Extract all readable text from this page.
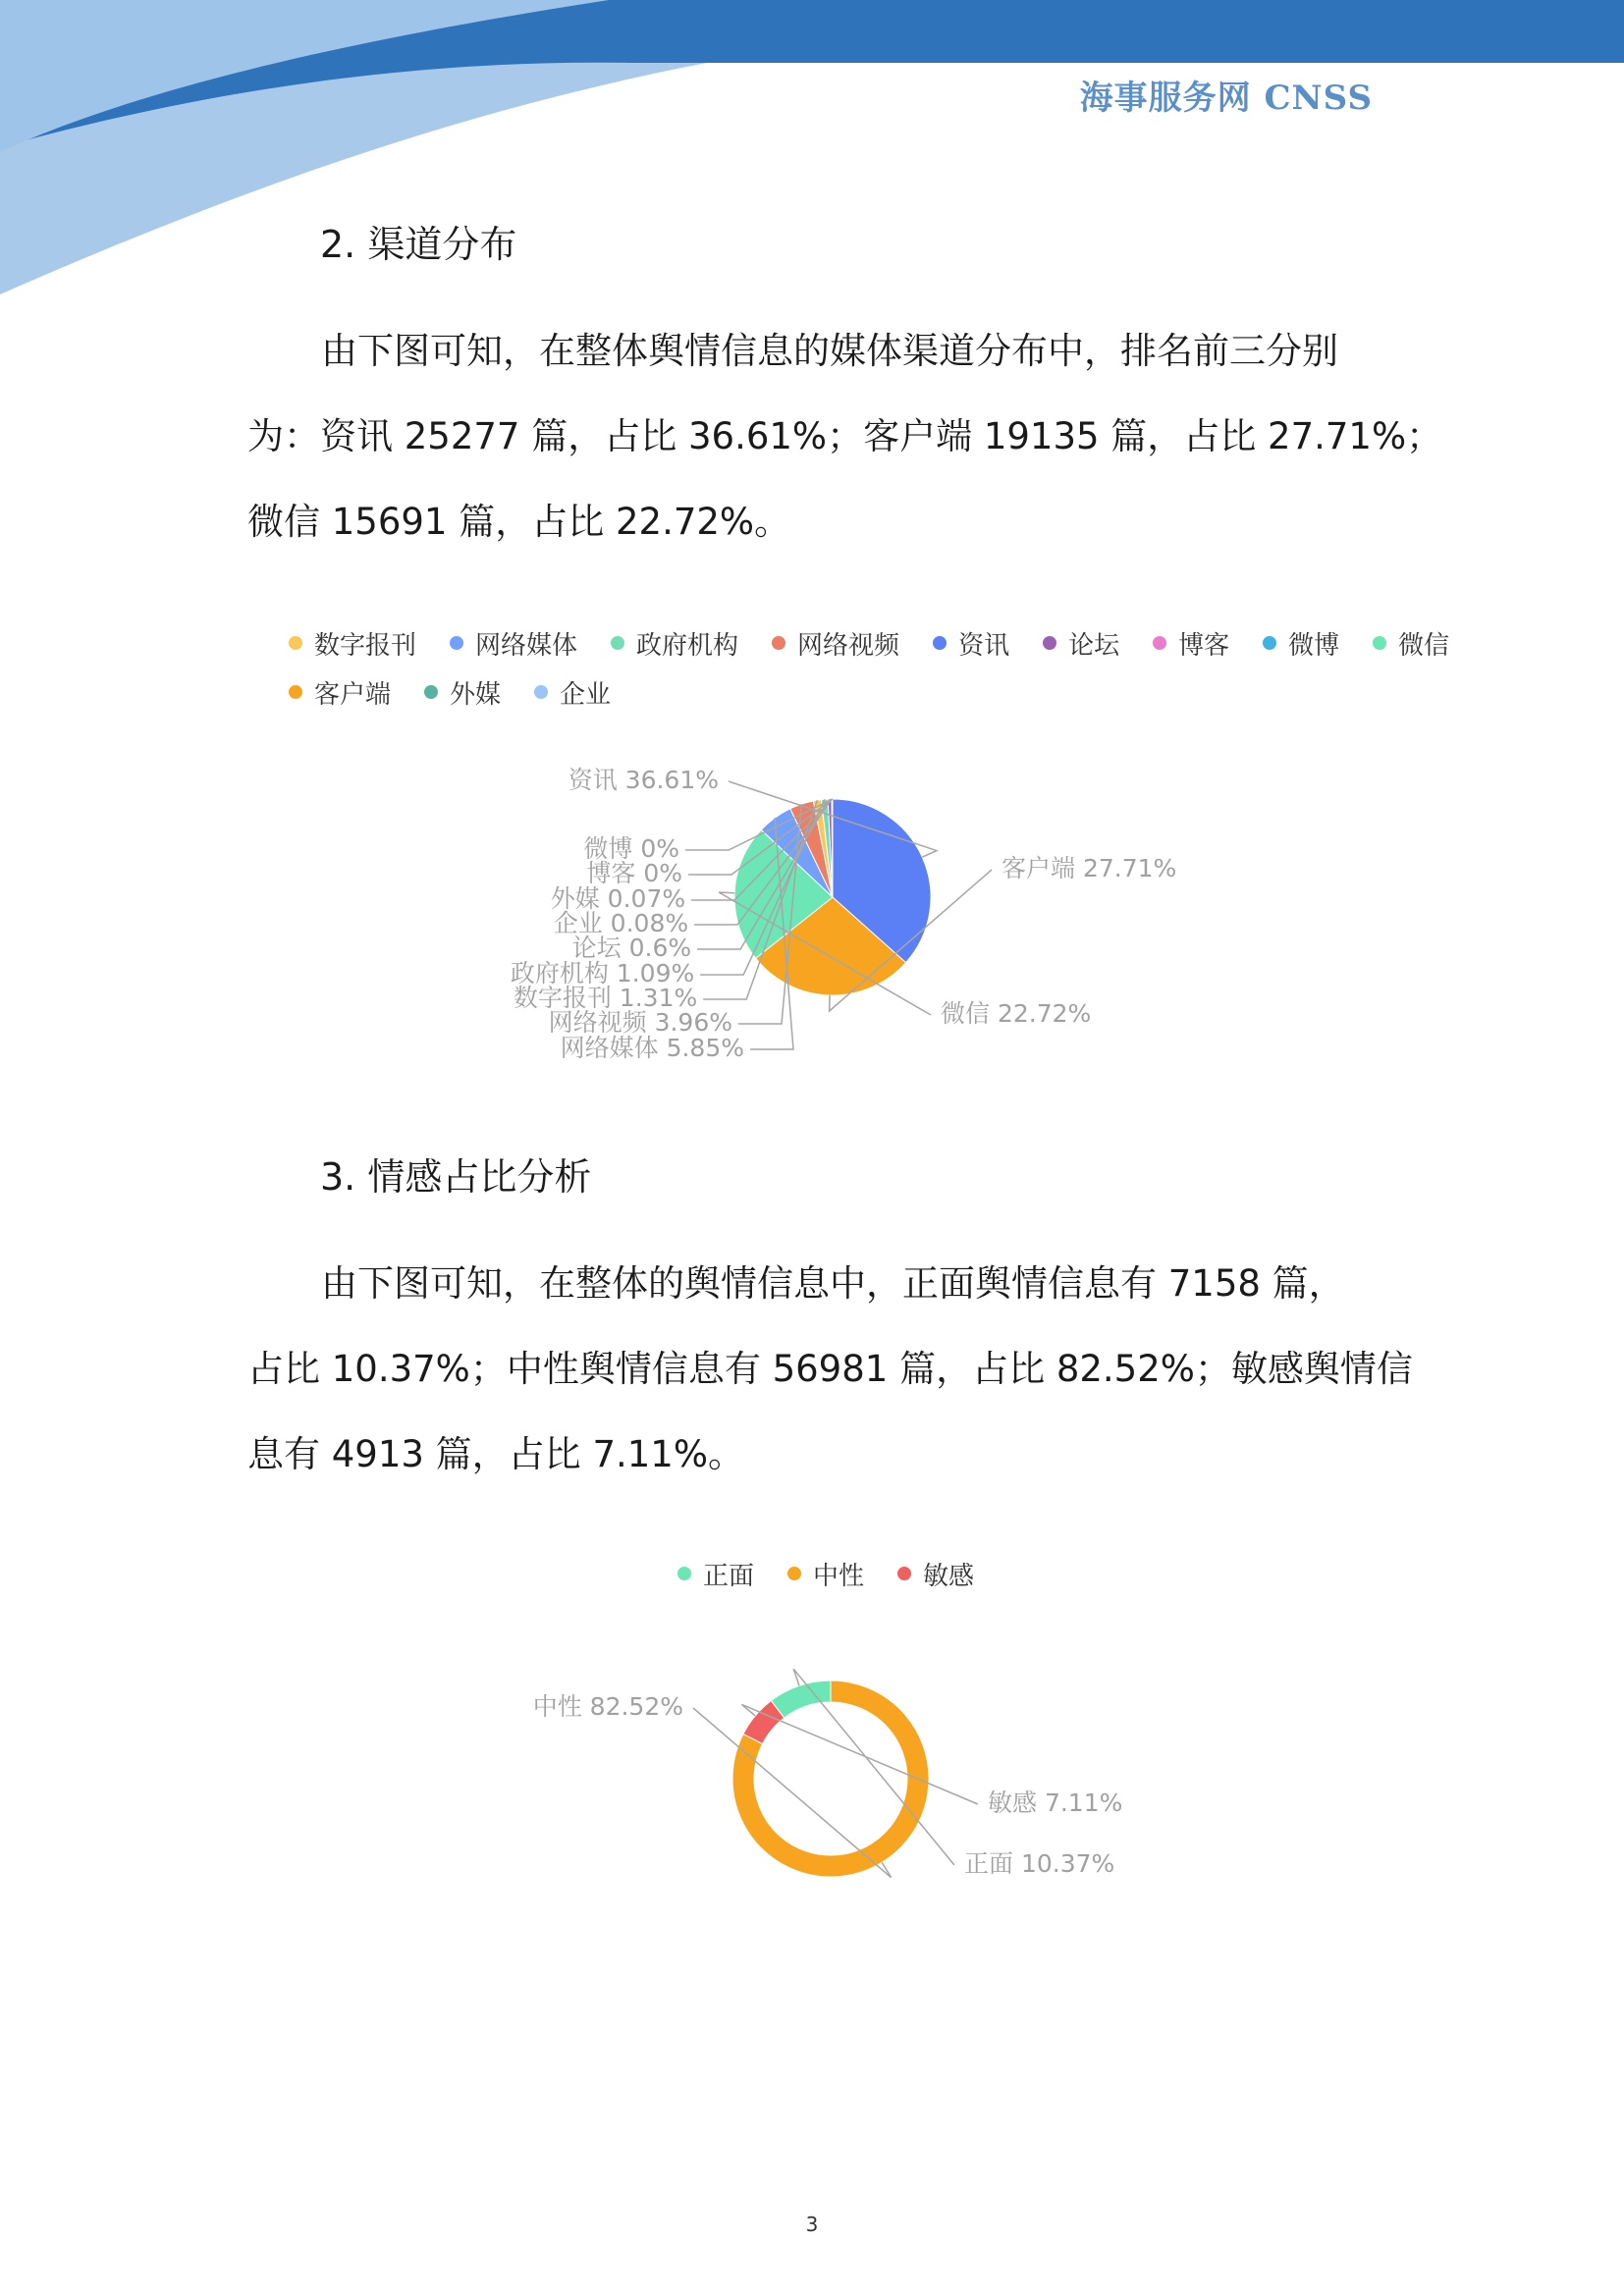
海事服务网 CNSS
2. 渠道分布

由下图可知，在整体舆情信息的媒体渠道分布中，排名前三分别
为：资讯 25277 篇，占比 36.61%；客户端 19135 篇，占比 27.71%；
微信 15691 篇，占比 22.72%。

数字报刊 网络媒体 政府机构 网络视频 资讯 论坛 博客 微博 微信
客户端 外媒 企业
资讯 36.61%
客户端 27.71%
微信 22.72%
网络媒体 5.85%
网络视频 3.96%
数字报刊 1.31%
政府机构 1.09%
论坛 0.6%
企业 0.08%
外媒 0.07%
博客 0%
微博 0%
3. 情感占比分析

由下图可知，在整体的舆情信息中，正面舆情信息有 7158 篇，
占比 10.37%；中性舆情信息有 56981 篇，占比 82.52%；敏感舆情信
息有 4913 篇，占比 7.11%。

正面 中性 敏感
中性 82.52%
敏感 7.11%
正面 10.37%
3
